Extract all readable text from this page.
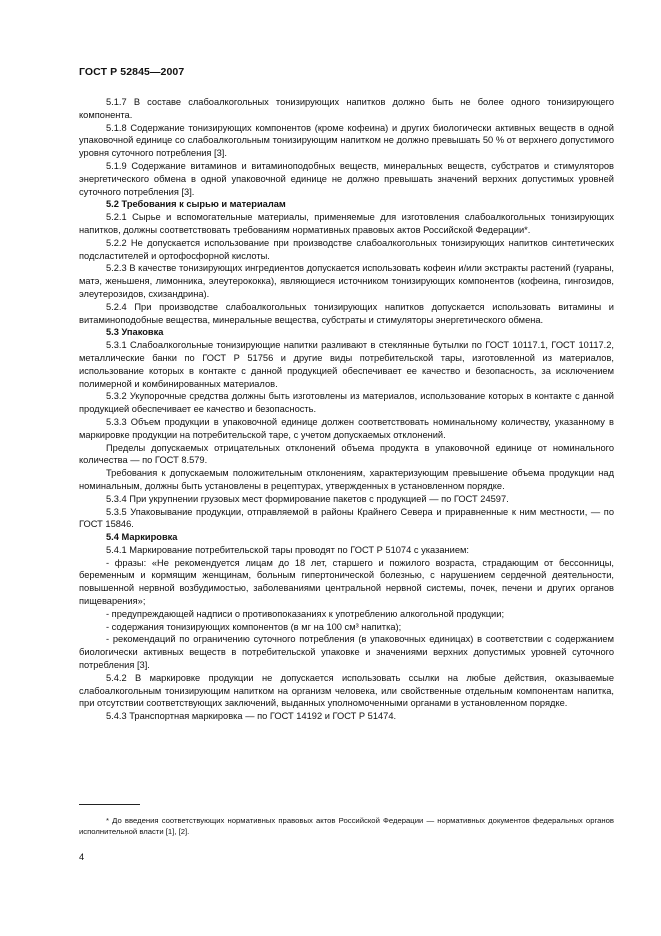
ГОСТ Р 52845—2007

5.1.7 В составе слабоалкогольных тонизирующих напитков должно быть не более одного тонизирующего компонента.

5.1.8 Содержание тонизирующих компонентов (кроме кофеина) и других биологически активных веществ в одной упаковочной единице со слабоалкогольным тонизирующим напитком не должно превышать 50 % от верхнего допустимого уровня суточного потребления [3].

5.1.9 Содержание витаминов и витаминоподобных веществ, минеральных веществ, субстратов и стимуляторов энергетического обмена в одной упаковочной единице не должно превышать значений верхних допустимых уровней суточного потребления [3].

5.2 Требования к сырью и материалам

5.2.1 Сырье и вспомогательные материалы, применяемые для изготовления слабоалкогольных тонизирующих напитков, должны соответствовать требованиям нормативных правовых актов Российской Федерации*.

5.2.2 Не допускается использование при производстве слабоалкогольных тонизирующих напитков синтетических подсластителей и ортофосфорной кислоты.

5.2.3 В качестве тонизирующих ингредиентов допускается использовать кофеин и/или экстракты растений (гуараны, матэ, женьшеня, лимонника, элеутерококка), являющиеся источником тонизирующих компонентов (кофеина, гингозидов, элеутерозидов, схизандрина).

5.2.4 При производстве слабоалкогольных тонизирующих напитков допускается использовать витамины и витаминоподобные вещества, минеральные вещества, субстраты и стимуляторы энергетического обмена.

5.3 Упаковка

5.3.1 Слабоалкогольные тонизирующие напитки разливают в стеклянные бутылки по ГОСТ 10117.1, ГОСТ 10117.2, металлические банки по ГОСТ Р 51756 и другие виды потребительской тары, изготовленной из материалов, использование которых в контакте с данной продукцией обеспечивает ее качество и безопасность, за исключением полимерной и комбинированных материалов.

5.3.2 Укупорочные средства должны быть изготовлены из материалов, использование которых в контакте с данной продукцией обеспечивает ее качество и безопасность.

5.3.3 Объем продукции в упаковочной единице должен соответствовать номинальному количеству, указанному в маркировке продукции на потребительской таре, с учетом допускаемых отклонений.

Пределы допускаемых отрицательных отклонений объема продукта в упаковочной единице от номинального количества — по ГОСТ 8.579.

Требования к допускаемым положительным отклонениям, характеризующим превышение объема продукции над номинальным, должны быть установлены в рецептурах, утвержденных в установленном порядке.

5.3.4 При укрупнении грузовых мест формирование пакетов с продукцией — по ГОСТ 24597.

5.3.5 Упаковывание продукции, отправляемой в районы Крайнего Севера и приравненные к ним местности, — по ГОСТ 15846.

5.4 Маркировка

5.4.1 Маркирование потребительской тары проводят по ГОСТ Р 51074 с указанием:

- фразы: «Не рекомендуется лицам до 18 лет, старшего и пожилого возраста, страдающим от бессонницы, беременным и кормящим женщинам, больным гипертонической болезнью, с нарушением сердечной деятельности, повышенной нервной возбудимостью, заболеваниями центральной нервной системы, почек, печени и других органов пищеварения»;

- предупреждающей надписи о противопоказаниях к употреблению алкогольной продукции;

- содержания тонизирующих компонентов (в мг на 100 см³ напитка);

- рекомендаций по ограничению суточного потребления (в упаковочных единицах) в соответствии с содержанием биологически активных веществ в потребительской упаковке и значениями верхних допустимых уровней суточного потребления [3].

5.4.2 В маркировке продукции не допускается использовать ссылки на любые действия, оказываемые слабоалкогольным тонизирующим напитком на организм человека, или свойственные отдельным компонентам напитка, при отсутствии соответствующих заключений, выданных уполномоченными органами в установленном порядке.

5.4.3 Транспортная маркировка — по ГОСТ 14192 и ГОСТ Р 51474.

* До введения соответствующих нормативных правовых актов Российской Федерации — нормативных документов федеральных органов исполнительной власти [1], [2].

4
